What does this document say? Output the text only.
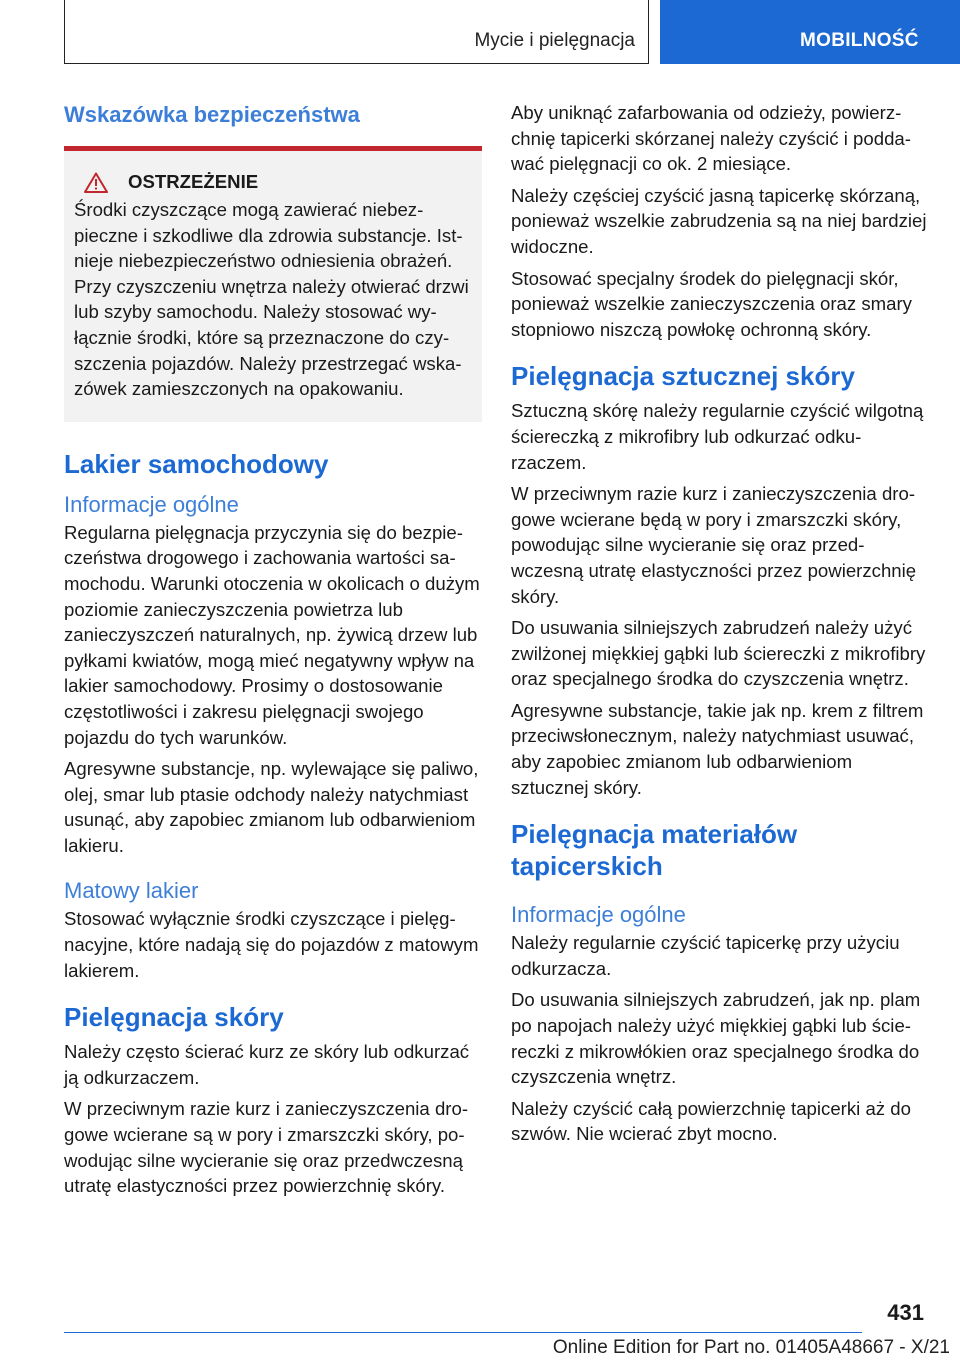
Mycie i pielęgnacja	MOBILNOŚĆ
Wskazówka bezpieczeństwa
OSTRZEŻENIE

Środki czyszczące mogą zawierać niebezpieczne i szkodliwe dla zdrowia substancje. Istnieje niebezpieczeństwo odniesienia obrażeń. Przy czyszczeniu wnętrza należy otwierać drzwi lub szyby samochodu. Należy stosować wyłącznie środki, które są przeznaczone do czyszczenia pojazdów. Należy przestrzegać wskazówek zamieszczonych na opakowaniu.

Lakier samochodowy
Informacje ogólne

Regularna pielęgnacja przyczynia się do bezpieczeństwa drogowego i zachowania wartości samochodu. Warunki otoczenia w okolicach o dużym poziomie zanieczyszczenia powietrza lub zanieczyszczeń naturalnych, np. żywicą drzew lub pyłkami kwiatów, mogą mieć negatywny wpływ na lakier samochodowy. Prosimy o dostosowanie częstotliwości i zakresu pielęgnacji swojego pojazdu do tych warunków.

Agresywne substancje, np. wylewające się paliwo, olej, smar lub ptasie odchody należy natychmiast usunąć, aby zapobiec zmianom lub odbarwieniom lakieru.

Matowy lakier

Stosować wyłącznie środki czyszczące i pielęgnacyjne, które nadają się do pojazdów z matowym lakierem.

Pielęgnacja skóry

Należy często ścierać kurz ze skóry lub odkurzać ją odkurzaczem.

W przeciwnym razie kurz i zanieczyszczenia drogowe wcierane są w pory i zmarszczki skóry, powodując silne wycieranie się oraz przedwczesną utratę elastyczności przez powierzchnię skóry.

Aby uniknąć zafarbowania od odzieży, powierzchnię tapicerki skórzanej należy czyścić i poddawać pielęgnacji co ok. 2 miesiące.

Należy częściej czyścić jasną tapicerkę skórzaną, ponieważ wszelkie zabrudzenia są na niej bardziej widoczne.

Stosować specjalny środek do pielęgnacji skór, ponieważ wszelkie zanieczyszczenia oraz smary stopniowo niszczą powłokę ochronną skóry.

Pielęgnacja sztucznej skóry

Sztuczną skórę należy regularnie czyścić wilgotną ściereczką z mikrofibry lub odkurzać odkurzaczem.

W przeciwnym razie kurz i zanieczyszczenia drogowe wcierane będą w pory i zmarszczki skóry, powodując silne wycieranie się oraz przedwczesną utratę elastyczności przez powierzchnię skóry.

Do usuwania silniejszych zabrudzeń należy użyć zwilżonej miękkiej gąbki lub ściereczki z mikrofibry oraz specjalnego środka do czyszczenia wnętrz.

Agresywne substancje, takie jak np. krem z filtrem przeciwsłonecznym, należy natychmiast usuwać, aby zapobiec zmianom lub odbarwieniom sztucznej skóry.

Pielęgnacja materiałów tapicerskich
Informacje ogólne

Należy regularnie czyścić tapicerkę przy użyciu odkurzacza.

Do usuwania silniejszych zabrudzeń, jak np. plam po napojach należy użyć miękkiej gąbki lub ściereczki z mikrowłókien oraz specjalnego środka do czyszczenia wnętrz.

Należy czyścić całą powierzchnię tapicerki aż do szwów. Nie wcierać zbyt mocno.

431
Online Edition for Part no. 01405A48667 - X/21
